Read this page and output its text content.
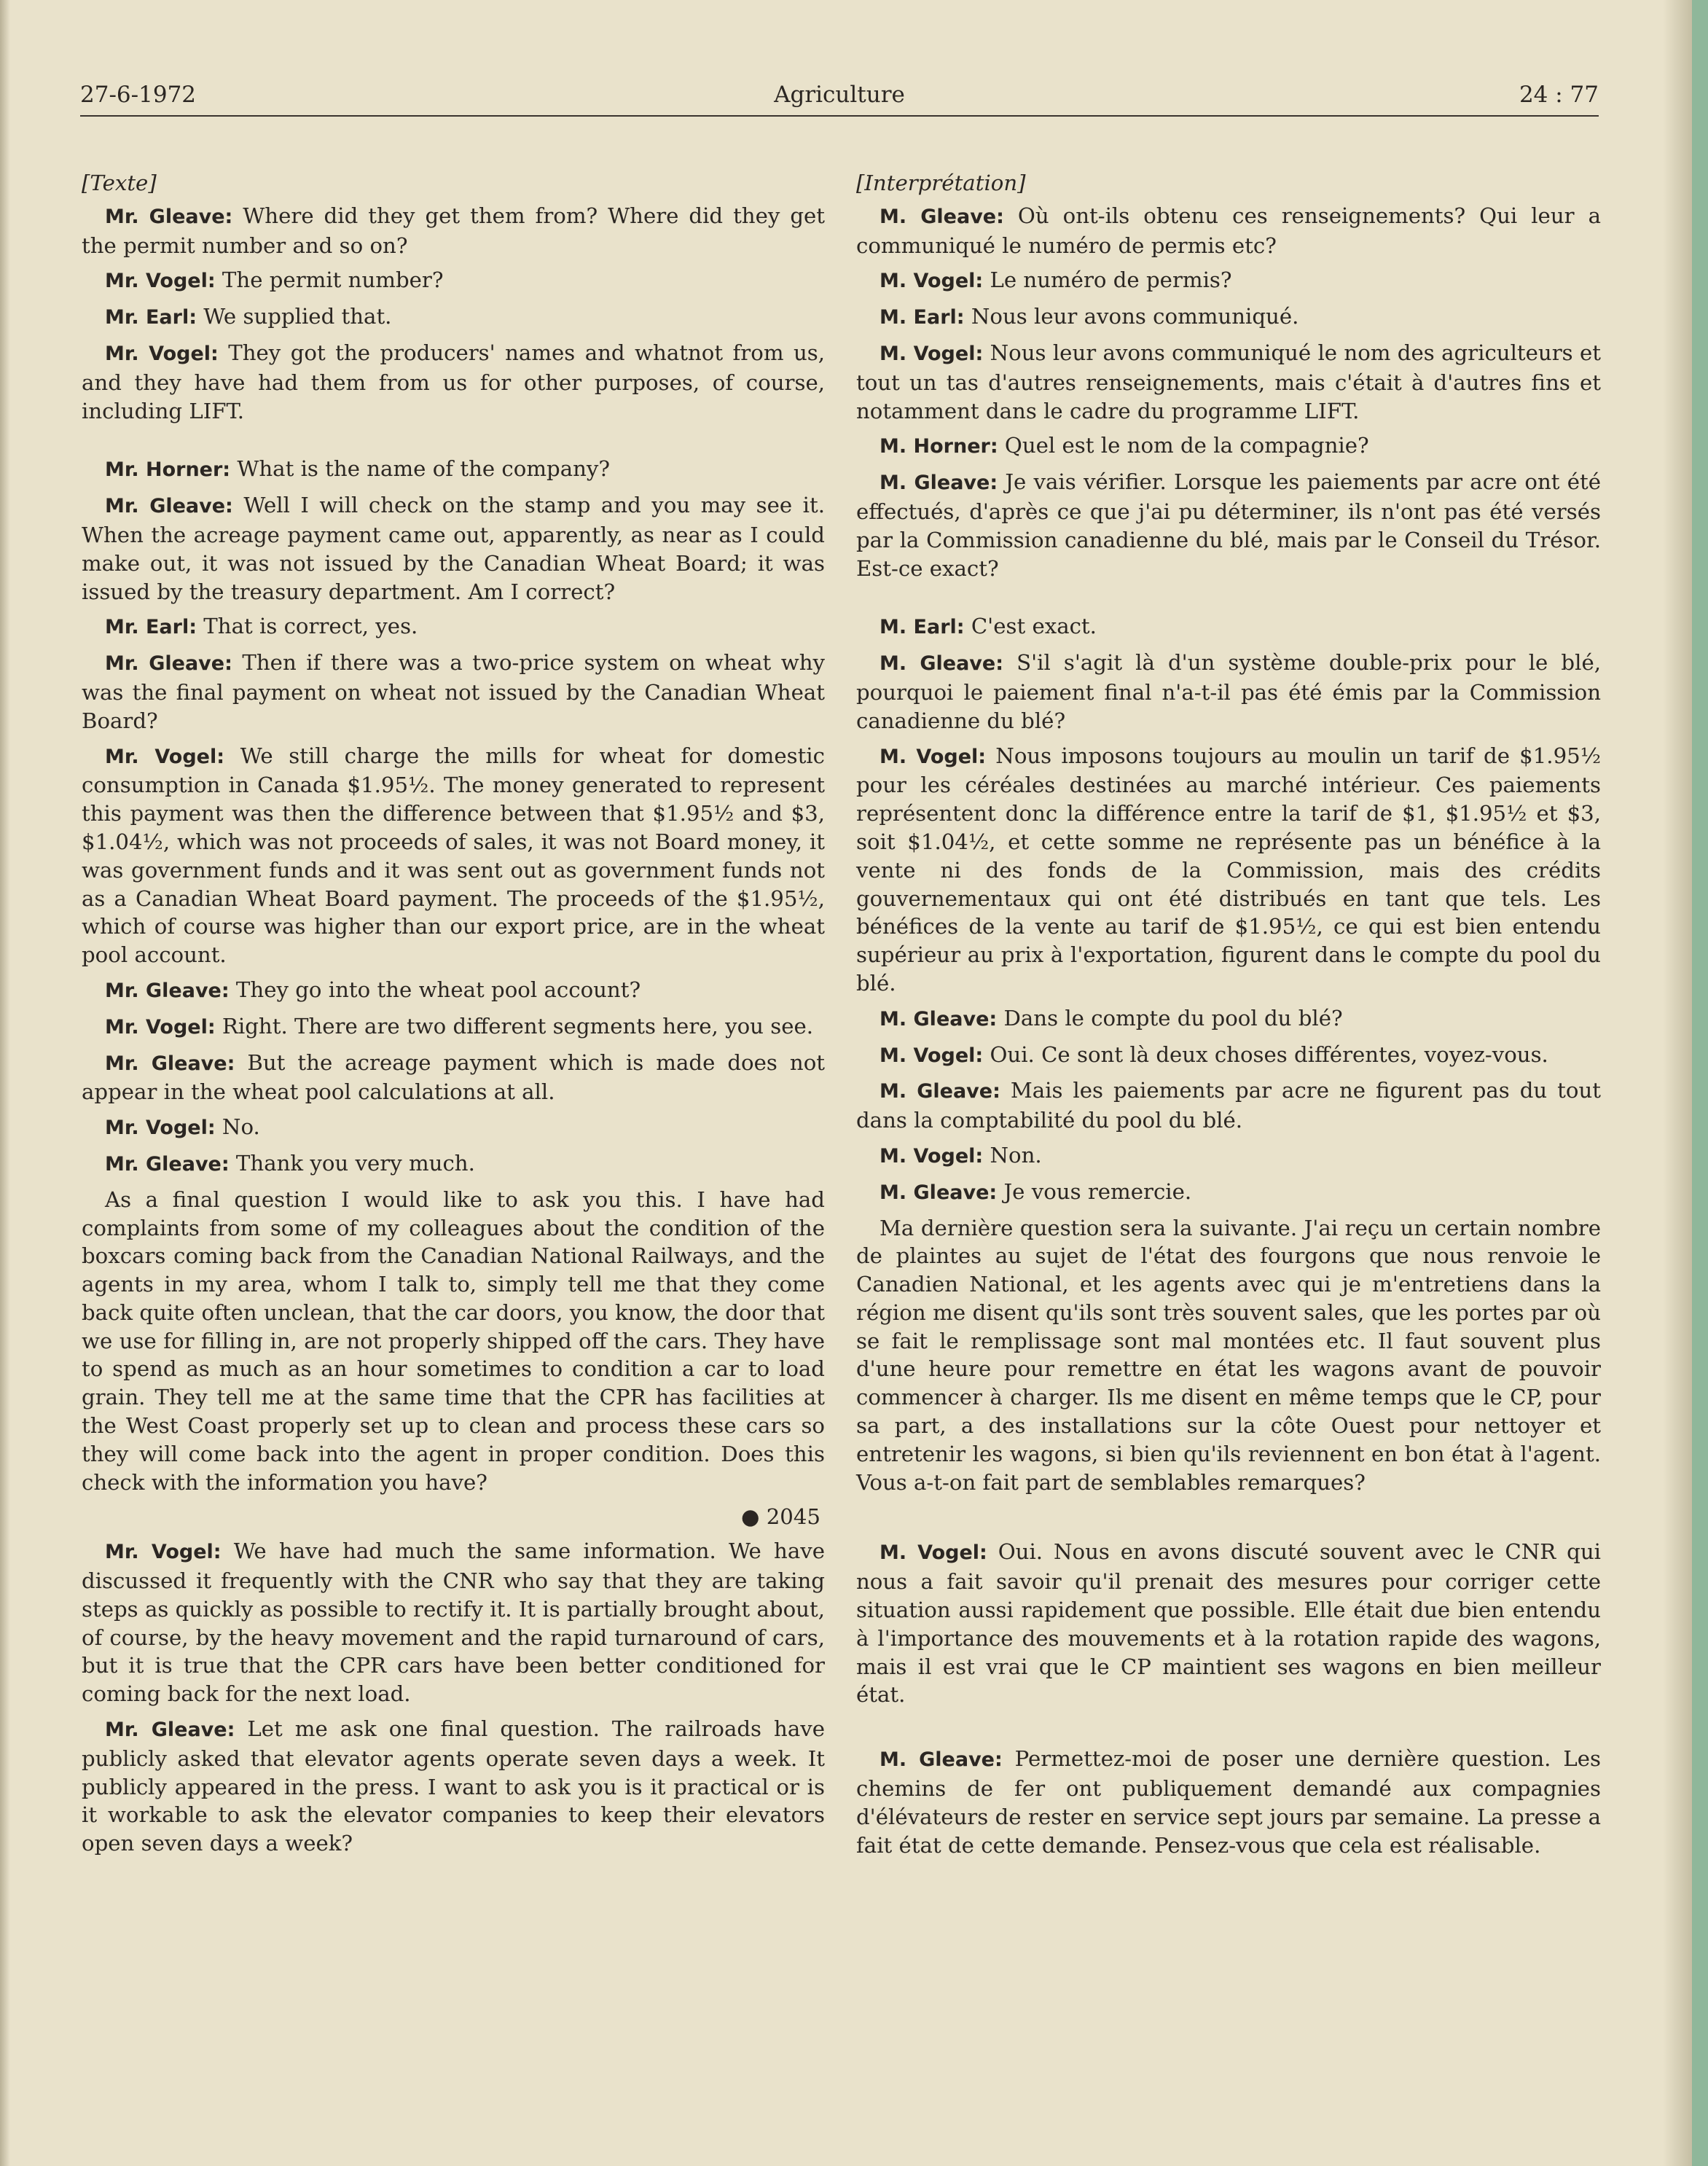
Agriculture
27-6-1972	24 : 77

[Texte]

Mr. Gleave: Where did they get them from? Where did they get the permit number and so on?

Mr. Vogel: The permit number?

Mr. Earl: We supplied that.

Mr. Vogel: They got the producers' names and whatnot from us, and they have had them from us for other purposes, of course, including LIFT.

Mr. Horner: What is the name of the company?

Mr. Gleave: Well I will check on the stamp and you may see it. When the acreage payment came out, apparently, as near as I could make out, it was not issued by the Canadian Wheat Board; it was issued by the treasury department. Am I correct?

Mr. Earl: That is correct, yes.

Mr. Gleave: Then if there was a two-price system on wheat why was the final payment on wheat not issued by the Canadian Wheat Board?

Mr. Vogel: We still charge the mills for wheat for domestic consumption in Canada $1.95½. The money generated to represent this payment was then the difference between that $1.95½ and $3, $1.04½, which was not proceeds of sales, it was not Board money, it was government funds and it was sent out as government funds not as a Canadian Wheat Board payment. The proceeds of the $1.95½, which of course was higher than our export price, are in the wheat pool account.

Mr. Gleave: They go into the wheat pool account?

Mr. Vogel: Right. There are two different segments here, you see.

Mr. Gleave: But the acreage payment which is made does not appear in the wheat pool calculations at all.

Mr. Vogel: No.

Mr. Gleave: Thank you very much.

As a final question I would like to ask you this. I have had complaints from some of my colleagues about the condition of the boxcars coming back from the Canadian National Railways, and the agents in my area, whom I talk to, simply tell me that they come back quite often unclean, that the car doors, you know, the door that we use for filling in, are not properly shipped off the cars. They have to spend as much as an hour sometimes to condition a car to load grain. They tell me at the same time that the CPR has facilities at the West Coast properly set up to clean and process these cars so they will come back into the agent in proper condition. Does this check with the information you have?

● 2045

Mr. Vogel: We have had much the same information. We have discussed it frequently with the CNR who say that they are taking steps as quickly as possible to rectify it. It is partially brought about, of course, by the heavy movement and the rapid turnaround of cars, but it is true that the CPR cars have been better conditioned for coming back for the next load.

Mr. Gleave: Let me ask one final question. The railroads have publicly asked that elevator agents operate seven days a week. It publicly appeared in the press. I want to ask you is it practical or is it workable to ask the elevator companies to keep their elevators open seven days a week?

[Interprétation]

M. Gleave: Où ont-ils obtenu ces renseignements? Qui leur a communiqué le numéro de permis etc?

M. Vogel: Le numéro de permis?

M. Earl: Nous leur avons communiqué.

M. Vogel: Nous leur avons communiqué le nom des agriculteurs et tout un tas d'autres renseignements, mais c'était à d'autres fins et notamment dans le cadre du programme LIFT.

M. Horner: Quel est le nom de la compagnie?

M. Gleave: Je vais vérifier. Lorsque les paiements par acre ont été effectués, d'après ce que j'ai pu déterminer, ils n'ont pas été versés par la Commission canadienne du blé, mais par le Conseil du Trésor. Est-ce exact?

M. Earl: C'est exact.

M. Gleave: S'il s'agit là d'un système double-prix pour le blé, pourquoi le paiement final n'a-t-il pas été émis par la Commission canadienne du blé?

M. Vogel: Nous imposons toujours au moulin un tarif de $1.95½ pour les céréales destinées au marché intérieur. Ces paiements représentent donc la différence entre la tarif de $1, $1.95½ et $3, soit $1.04½, et cette somme ne représente pas un bénéfice à la vente ni des fonds de la Commission, mais des crédits gouvernementaux qui ont été distribués en tant que tels. Les bénéfices de la vente au tarif de $1.95½, ce qui est bien entendu supérieur au prix à l'exportation, figurent dans le compte du pool du blé.

M. Gleave: Dans le compte du pool du blé?

M. Vogel: Oui. Ce sont là deux choses différentes, voyez-vous.

M. Gleave: Mais les paiements par acre ne figurent pas du tout dans la comptabilité du pool du blé.

M. Vogel: Non.

M. Gleave: Je vous remercie.

Ma dernière question sera la suivante. J'ai reçu un certain nombre de plaintes au sujet de l'état des fourgons que nous renvoie le Canadien National, et les agents avec qui je m'entretiens dans la région me disent qu'ils sont très souvent sales, que les portes par où se fait le remplissage sont mal montées etc. Il faut souvent plus d'une heure pour remettre en état les wagons avant de pouvoir commencer à charger. Ils me disent en même temps que le CP, pour sa part, a des installations sur la côte Ouest pour nettoyer et entretenir les wagons, si bien qu'ils reviennent en bon état à l'agent. Vous a-t-on fait part de semblables remarques?

M. Vogel: Oui. Nous en avons discuté souvent avec le CNR qui nous a fait savoir qu'il prenait des mesures pour corriger cette situation aussi rapidement que possible. Elle était due bien entendu à l'importance des mouvements et à la rotation rapide des wagons, mais il est vrai que le CP maintient ses wagons en bien meilleur état.

M. Gleave: Permettez-moi de poser une dernière question. Les chemins de fer ont publiquement demandé aux compagnies d'élévateurs de rester en service sept jours par semaine. La presse a fait état de cette demande. Pensez-vous que cela est réalisable.
